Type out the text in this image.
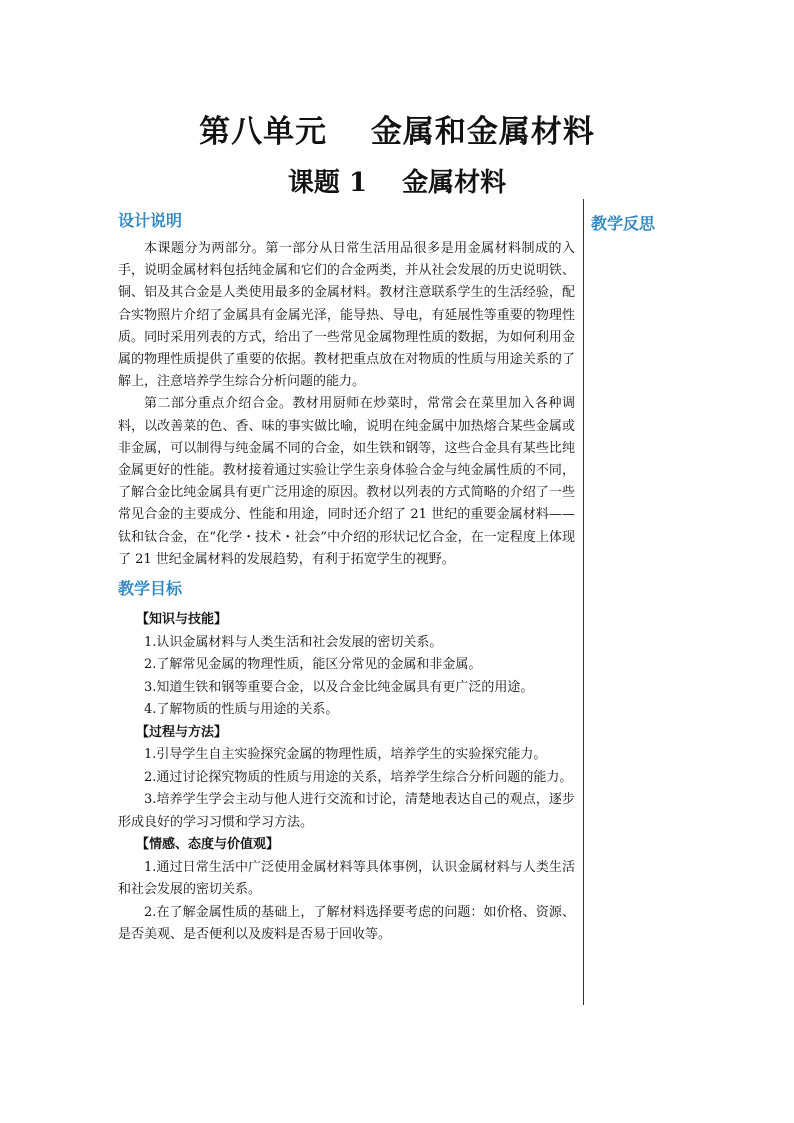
第八单元　 金属和金属材料
课题 1　 金属材料
教学反思
设计说明

本课题分为两部分。第一部分从日常生活用品很多是用金属材料制成的入手，说明金属材料包括纯金属和它们的合金两类，并从社会发展的历史说明铁、铜、铝及其合金是人类使用最多的金属材料。教材注意联系学生的生活经验，配合实物照片介绍了金属具有金属光泽，能导热、导电，有延展性等重要的物理性质。同时采用列表的方式，给出了一些常见金属物理性质的数据，为如何利用金属的物理性质提供了重要的依据。教材把重点放在对物质的性质与用途关系的了解上，注意培养学生综合分析问题的能力。

第二部分重点介绍合金。教材用厨师在炒菜时，常常会在菜里加入各种调料，以改善菜的色、香、味的事实做比喻，说明在纯金属中加热熔合某些金属或非金属，可以制得与纯金属不同的合金，如生铁和钢等，这些合金具有某些比纯金属更好的性能。教材接着通过实验让学生亲身体验合金与纯金属性质的不同，了解合金比纯金属具有更广泛用途的原因。教材以列表的方式简略的介绍了一些常见合金的主要成分、性能和用途，同时还介绍了 21 世纪的重要金属材料——钛和钛合金，在“化学・技术・社会”中介绍的形状记忆合金，在一定程度上体现了 21 世纪金属材料的发展趋势，有利于拓宽学生的视野。

教学目标

【知识与技能】

1.认识金属材料与人类生活和社会发展的密切关系。

2.了解常见金属的物理性质，能区分常见的金属和非金属。

3.知道生铁和钢等重要合金，以及合金比纯金属具有更广泛的用途。

4.了解物质的性质与用途的关系。

【过程与方法】

1.引导学生自主实验探究金属的物理性质，培养学生的实验探究能力。

2.通过讨论探究物质的性质与用途的关系，培养学生综合分析问题的能力。

3.培养学生学会主动与他人进行交流和讨论，清楚地表达自己的观点，逐步形成良好的学习习惯和学习方法。

【情感、态度与价值观】

1.通过日常生活中广泛使用金属材料等具体事例，认识金属材料与人类生活和社会发展的密切关系。

2.在了解金属性质的基础上，了解材料选择要考虑的问题：如价格、资源、是否美观、是否便利以及废料是否易于回收等。
